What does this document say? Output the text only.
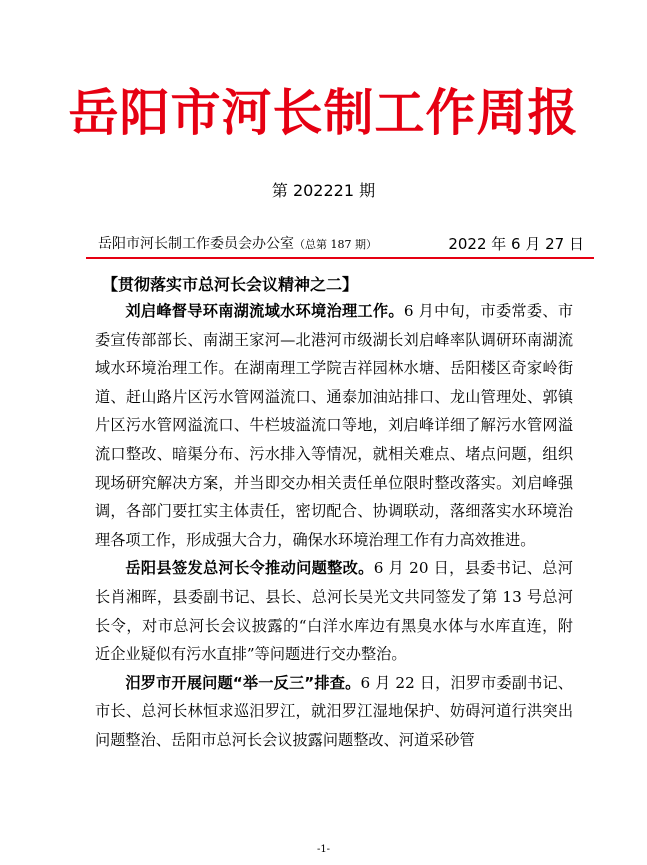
岳阳市河长制工作周报
第 202221 期
岳阳市河长制工作委员会办公室（总第 187 期）	2022 年 6 月 27 日
【贯彻落实市总河长会议精神之二】

刘启峰督导环南湖流域水环境治理工作。6 月中旬，市委常委、市委宣传部部长、南湖王家河—北港河市级湖长刘启峰率队调研环南湖流域水环境治理工作。在湖南理工学院吉祥园林水塘、岳阳楼区奇家岭街道、赶山路片区污水管网溢流口、通泰加油站排口、龙山管理处、郭镇片区污水管网溢流口、牛栏坡溢流口等地，刘启峰详细了解污水管网溢流口整改、暗渠分布、污水排入等情况，就相关难点、堵点问题，组织现场研究解决方案，并当即交办相关责任单位限时整改落实。刘启峰强调，各部门要扛实主体责任，密切配合、协调联动，落细落实水环境治理各项工作，形成强大合力，确保水环境治理工作有力高效推进。

岳阳县签发总河长令推动问题整改。6 月 20 日，县委书记、总河长肖湘晖，县委副书记、县长、总河长吴光文共同签发了第 13 号总河长令，对市总河长会议披露的“白洋水库边有黑臭水体与水库直连，附近企业疑似有污水直排”等问题进行交办整治。

汨罗市开展问题“举一反三”排查。6 月 22 日，汨罗市委副书记、市长、总河长林恒求巡汨罗江，就汨罗江湿地保护、妨碍河道行洪突出问题整治、岳阳市总河长会议披露问题整改、河道采砂管

-1-
